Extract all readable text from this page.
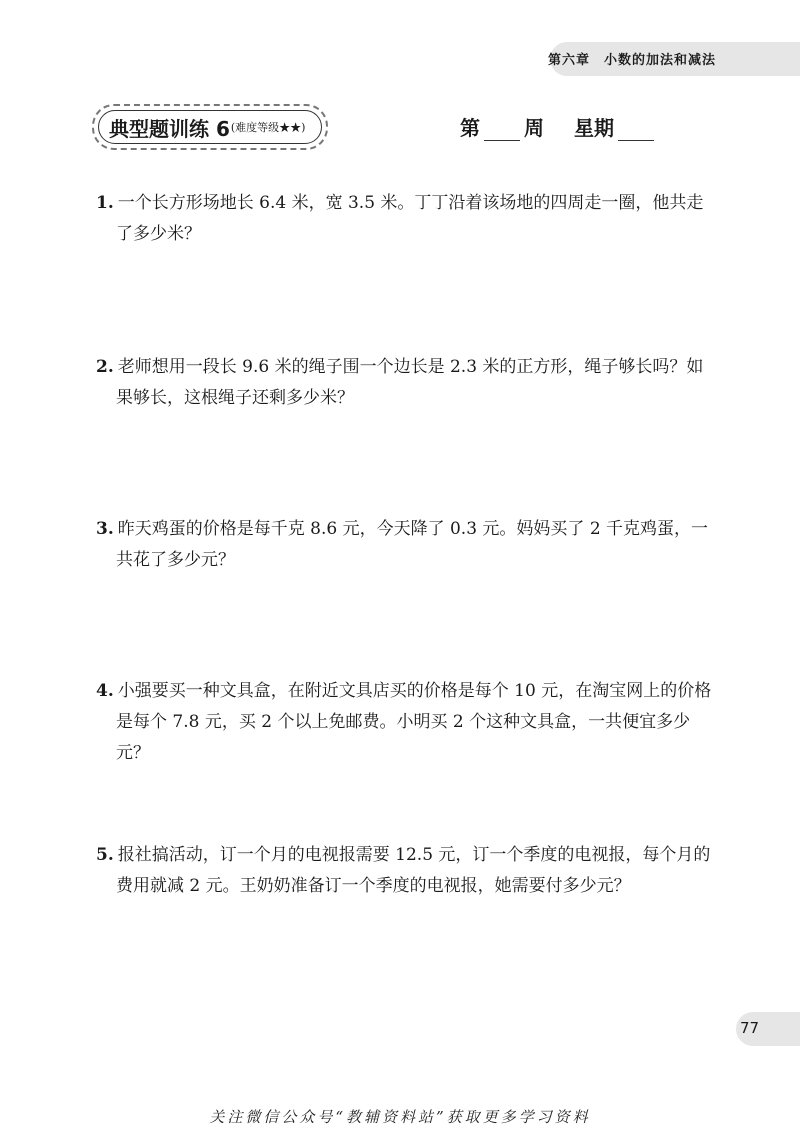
第六章　小数的加法和减法
典型题训练 6 (难度等级★★)	第 周 星期
1. 一个长方形场地长 6.4 米，宽 3.5 米。丁丁沿着该场地的四周走一圈，他共走了多少米？
2. 老师想用一段长 9.6 米的绳子围一个边长是 2.3 米的正方形，绳子够长吗？如果够长，这根绳子还剩多少米？
3. 昨天鸡蛋的价格是每千克 8.6 元，今天降了 0.3 元。妈妈买了 2 千克鸡蛋，一共花了多少元？
4. 小强要买一种文具盒，在附近文具店买的价格是每个 10 元，在淘宝网上的价格是每个 7.8 元，买 2 个以上免邮费。小明买 2 个这种文具盒，一共便宜多少元？
5. 报社搞活动，订一个月的电视报需要 12.5 元，订一个季度的电视报，每个月的费用就减 2 元。王奶奶准备订一个季度的电视报，她需要付多少元？
77
关注微信公众号“教辅资料站”获取更多学习资料
